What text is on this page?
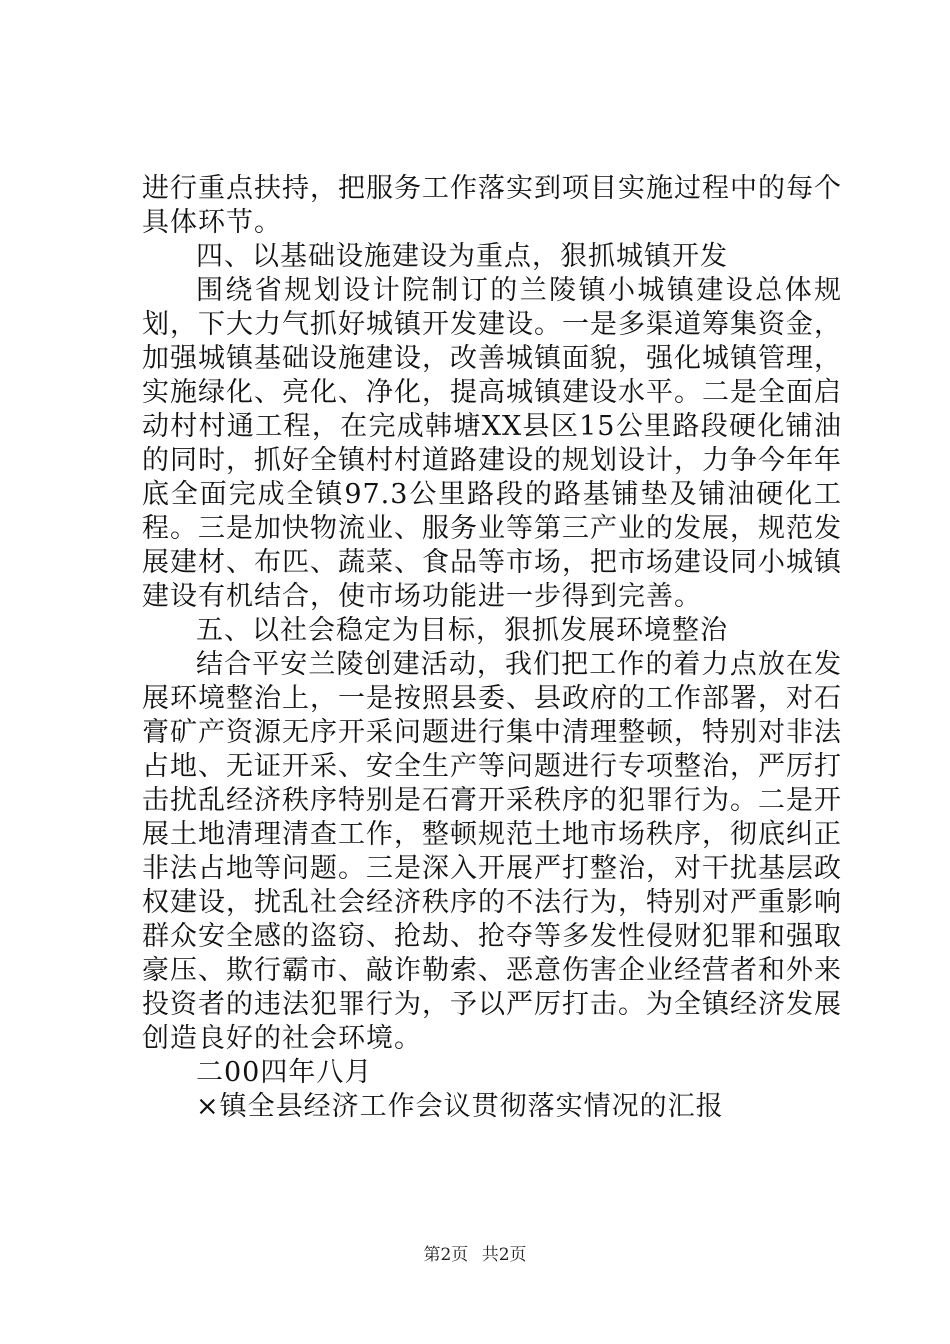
进行重点扶持，把服务工作落实到项目实施过程中的每个具体环节。

四、以基础设施建设为重点，狠抓城镇开发

围绕省规划设计院制订的兰陵镇小城镇建设总体规划，下大力气抓好城镇开发建设。一是多渠道筹集资金，加强城镇基础设施建设，改善城镇面貌，强化城镇管理，实施绿化、亮化、净化，提高城镇建设水平。二是全面启动村村通工程，在完成韩塘XX县区15公里路段硬化铺油的同时，抓好全镇村村道路建设的规划设计，力争今年年底全面完成全镇97.3公里路段的路基铺垫及铺油硬化工程。三是加快物流业、服务业等第三产业的发展，规范发展建材、布匹、蔬菜、食品等市场，把市场建设同小城镇建设有机结合，使市场功能进一步得到完善。

五、以社会稳定为目标，狠抓发展环境整治

结合平安兰陵创建活动，我们把工作的着力点放在发展环境整治上，一是按照县委、县政府的工作部署，对石膏矿产资源无序开采问题进行集中清理整顿，特别对非法占地、无证开采、安全生产等问题进行专项整治，严厉打击扰乱经济秩序特别是石膏开采秩序的犯罪行为。二是开展土地清理清查工作，整顿规范土地市场秩序，彻底纠正非法占地等问题。三是深入开展严打整治，对干扰基层政权建设，扰乱社会经济秩序的不法行为，特别对严重影响群众安全感的盗窃、抢劫、抢夺等多发性侵财犯罪和强取豪压、欺行霸市、敲诈勒索、恶意伤害企业经营者和外来投资者的违法犯罪行为，予以严厉打击。为全镇经济发展创造良好的社会环境。

二00四年八月

×镇全县经济工作会议贯彻落实情况的汇报

第2页 共2页
